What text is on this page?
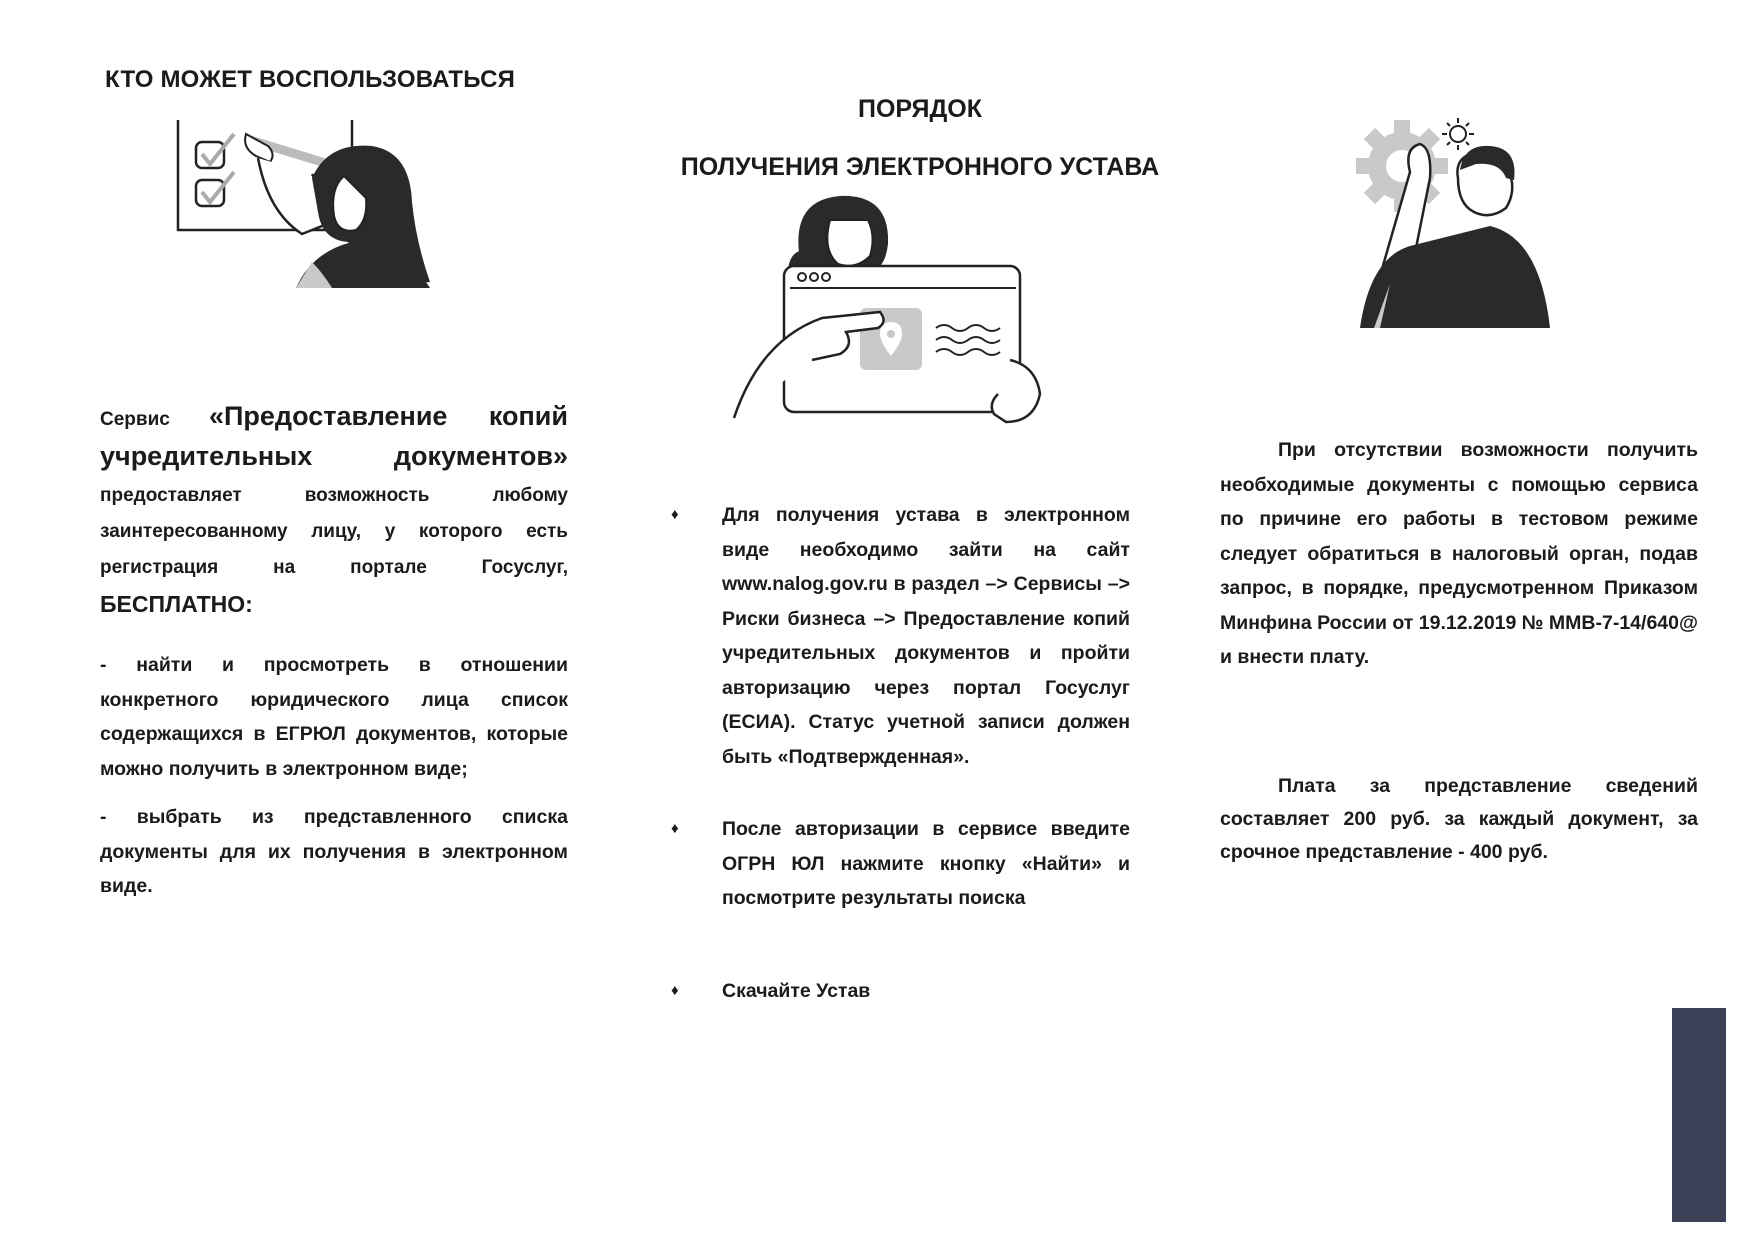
КТО МОЖЕТ ВОСПОЛЬЗОВАТЬСЯ
Сервис «Предоставление копий учредительных документов» предоставляет возможность любому заинтересованному лицу, у которого есть регистрация на портале Госуслуг, БЕСПЛАТНО:

- найти и просмотреть в отношении конкретного юридического лица список содержащихся в ЕГРЮЛ документов, которые можно получить в электронном виде;

- выбрать из представленного списка документы для их получения в электронном виде.

ПОРЯДОК
ПОЛУЧЕНИЯ ЭЛЕКТРОННОГО УСТАВА
♦ Для получения устава в электронном виде необходимо зайти на сайт www.nalog.gov.ru в раздел –> Сервисы –> Риски бизнеса –> Предоставление копий учредительных документов и пройти авторизацию через портал Госуслуг (ЕСИА). Статус учетной записи должен быть «Подтвержденная».
♦ После авторизации в сервисе введите ОГРН ЮЛ нажмите кнопку «Найти» и посмотрите результаты поиска
♦ Скачайте Устав
При отсутствии возможности получить необходимые документы с помощью сервиса по причине его работы в тестовом режиме следует обратиться в налоговый орган, подав запрос, в порядке, предусмотренном Приказом Минфина России от 19.12.2019 № ММВ-7-14/640@ и внести плату.
Плата за представление сведений составляет 200 руб. за каждый документ, за срочное представление - 400 руб.
